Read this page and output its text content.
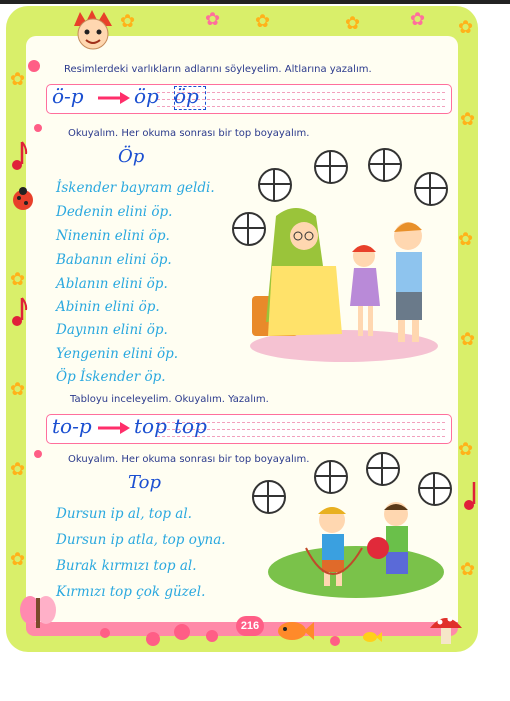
✿	✿ ✿	✿	✿ ✿
✿
✿
✿
✿
✿
✿
✿
✿
✿
✿
Resimlerdeki varlıkların adlarını söyleyelim. Altlarına yazalım.
ö-p	öp öp
Okuyalım. Her okuma sonrası bir top boyayalım.
Öp
İskender bayram geldi.
Dedenin elini öp.
Ninenin elini öp.
Babanın elini öp.
Ablanın elini öp.
Abinin elini öp.
Dayının elini öp.
Yengenin elini öp.
Öp İskender öp.
Tabloyu inceleyelim. Okuyalım. Yazalım.
to-p top top
Okuyalım. Her okuma sonrası bir top boyayalım.
Top
Dursun ip al, top al.
Dursun ip atla, top oyna.
Burak kırmızı top al.
Kırmızı top çok güzel.
216
